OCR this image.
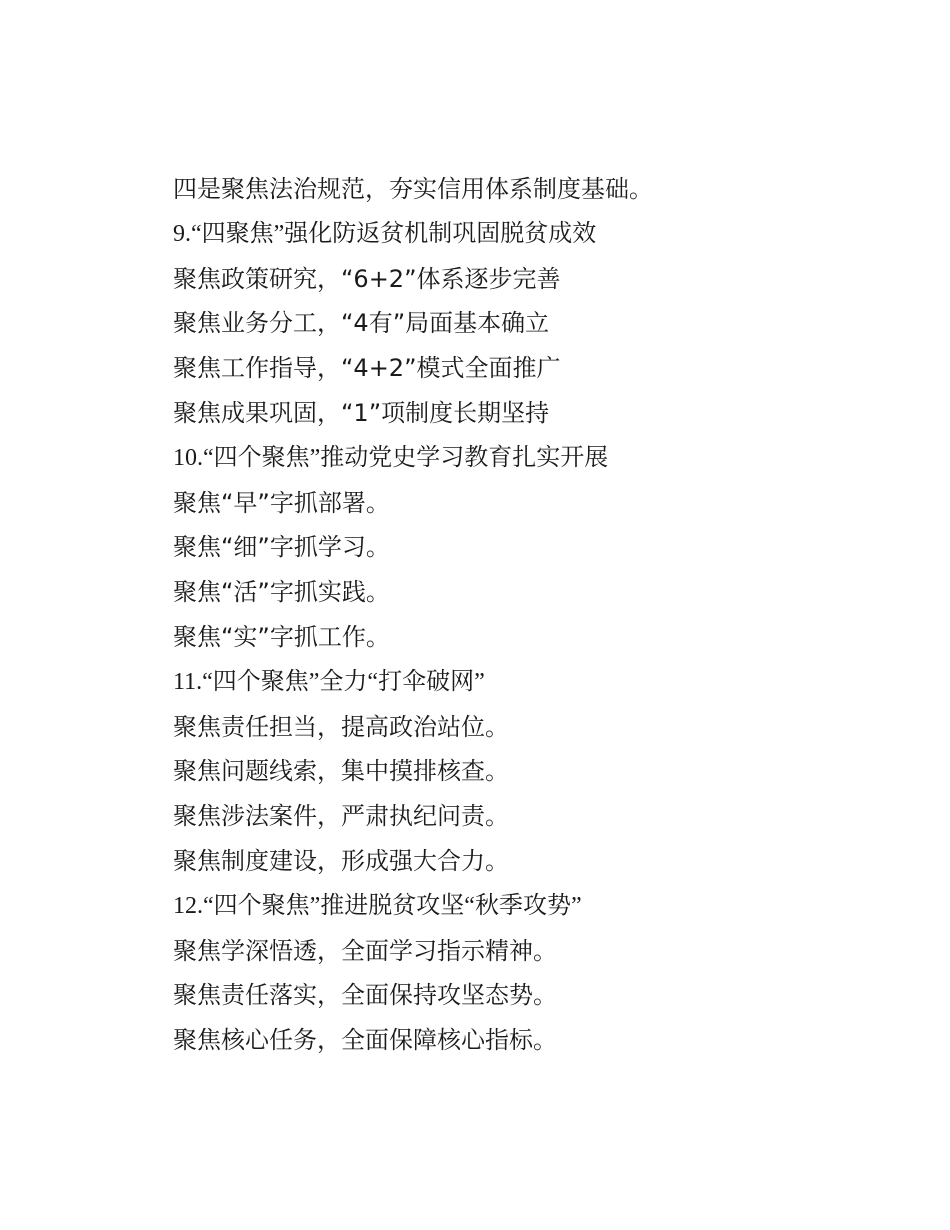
四是聚焦法治规范，夯实信用体系制度基础。
9.“四聚焦”强化防返贫机制巩固脱贫成效
聚焦政策研究，“6+2”体系逐步完善
聚焦业务分工，“4有”局面基本确立
聚焦工作指导，“4+2”模式全面推广
聚焦成果巩固，“1”项制度长期坚持
10.“四个聚焦”推动党史学习教育扎实开展
聚焦“早”字抓部署。
聚焦“细”字抓学习。
聚焦“活”字抓实践。
聚焦“实”字抓工作。
11.“四个聚焦”全力“打伞破网”
聚焦责任担当，提高政治站位。
聚焦问题线索，集中摸排核查。
聚焦涉法案件，严肃执纪问责。
聚焦制度建设，形成强大合力。
12.“四个聚焦”推进脱贫攻坚“秋季攻势”
聚焦学深悟透，全面学习指示精神。
聚焦责任落实，全面保持攻坚态势。
聚焦核心任务，全面保障核心指标。
